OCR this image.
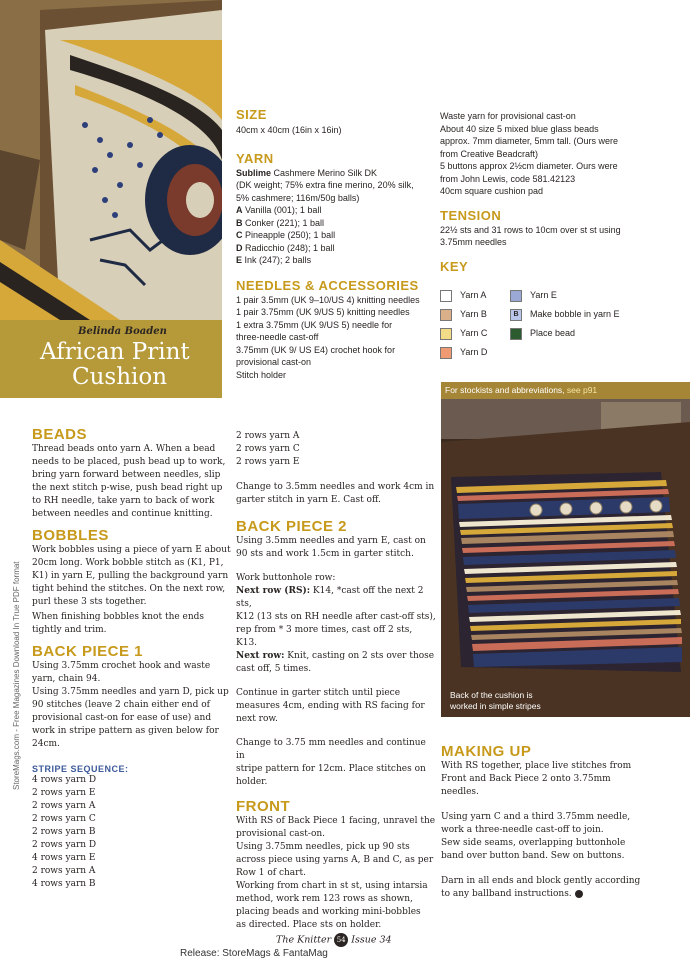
Belinda Boaden
African Print
Cushion
SIZE
40cm x 40cm (16in x 16in)
YARN
Sublime Cashmere Merino Silk DK
(DK weight; 75% extra fine merino, 20% silk,
5% cashmere; 116m/50g balls)
A Vanilla (001); 1 ball
B Conker (221); 1 ball
C Pineapple (250); 1 ball
D Radicchio (248); 1 ball
E Ink (247); 2 balls
NEEDLES & ACCESSORIES
1 pair 3.5mm (UK 9–10/US 4) knitting needles
1 pair 3.75mm (UK 9/US 5) knitting needles
1 extra 3.75mm (UK 9/US 5) needle for
three-needle cast-off
3.75mm (UK 9/ US E4) crochet hook for
provisional cast-on
Stitch holder
Waste yarn for provisional cast-on
About 40 size 5 mixed blue glass beads
approx. 7mm diameter, 5mm tall. (Ours were
from Creative Beadcraft)
5 buttons approx 2½cm diameter. Ours were
from John Lewis, code 581.42123
40cm square cushion pad
TENSION
22½ sts and 31 rows to 10cm over st st using
3.75mm needles
KEY
Yarn A
Yarn B
Yarn C
Yarn D
Yarn E
B Make bobble in yarn E
Place bead
For stockists and abbreviations, see p91
Back of the cushion is
worked in simple stripes
StoreMags.com - Free Magazines Download In True PDF format
BEADS
Thread beads onto yarn A. When a bead
needs to be placed, push bead up to work,
bring yarn forward between needles, slip
the next stitch p-wise, push bead right up
to RH needle, take yarn to back of work
between needles and continue knitting.
BOBBLES
Work bobbles using a piece of yarn E about
20cm long. Work bobble stitch as (K1, P1,
K1) in yarn E, pulling the background yarn
tight behind the stitches. On the next row,
purl these 3 sts together.
When finishing bobbles knot the ends
tightly and trim.
BACK PIECE 1
Using 3.75mm crochet hook and waste
yarn, chain 94.
Using 3.75mm needles and yarn D, pick up
90 stitches (leave 2 chain either end of
provisional cast-on for ease of use) and
work in stripe pattern as given below for
24cm.
STRIPE SEQUENCE:
4 rows yarn D
2 rows yarn E
2 rows yarn A
2 rows yarn C
2 rows yarn B
2 rows yarn D
4 rows yarn E
2 rows yarn A
4 rows yarn B
2 rows yarn A
2 rows yarn C
2 rows yarn E
Change to 3.5mm needles and work 4cm in
garter stitch in yarn E. Cast off.
BACK PIECE 2
Using 3.5mm needles and yarn E, cast on
90 sts and work 1.5cm in garter stitch.
Work buttonhole row:
Next row (RS): K14, *cast off the next 2 sts,
K12 (13 sts on RH needle after cast-off sts),
rep from * 3 more times, cast off 2 sts, K13.
Next row: Knit, casting on 2 sts over those
cast off, 5 times.
Continue in garter stitch until piece
measures 4cm, ending with RS facing for
next row.
Change to 3.75 mm needles and continue in
stripe pattern for 12cm. Place stitches on
holder.
FRONT
With RS of Back Piece 1 facing, unravel the
provisional cast-on.
Using 3.75mm needles, pick up 90 sts
across piece using yarns A, B and C, as per
Row 1 of chart.
Working from chart in st st, using intarsia
method, work rem 123 rows as shown,
placing beads and working mini-bobbles
as directed. Place sts on holder.
MAKING UP
With RS together, place live stitches from
Front and Back Piece 2 onto 3.75mm
needles.
Using yarn C and a third 3.75mm needle,
work a three-needle cast-off to join.
Sew side seams, overlapping buttonhole
band over button band. Sew on buttons.
Darn in all ends and block gently according
to any ballband instructions.
The Knitter 54 Issue 34
Release: StoreMags & FantaMag
